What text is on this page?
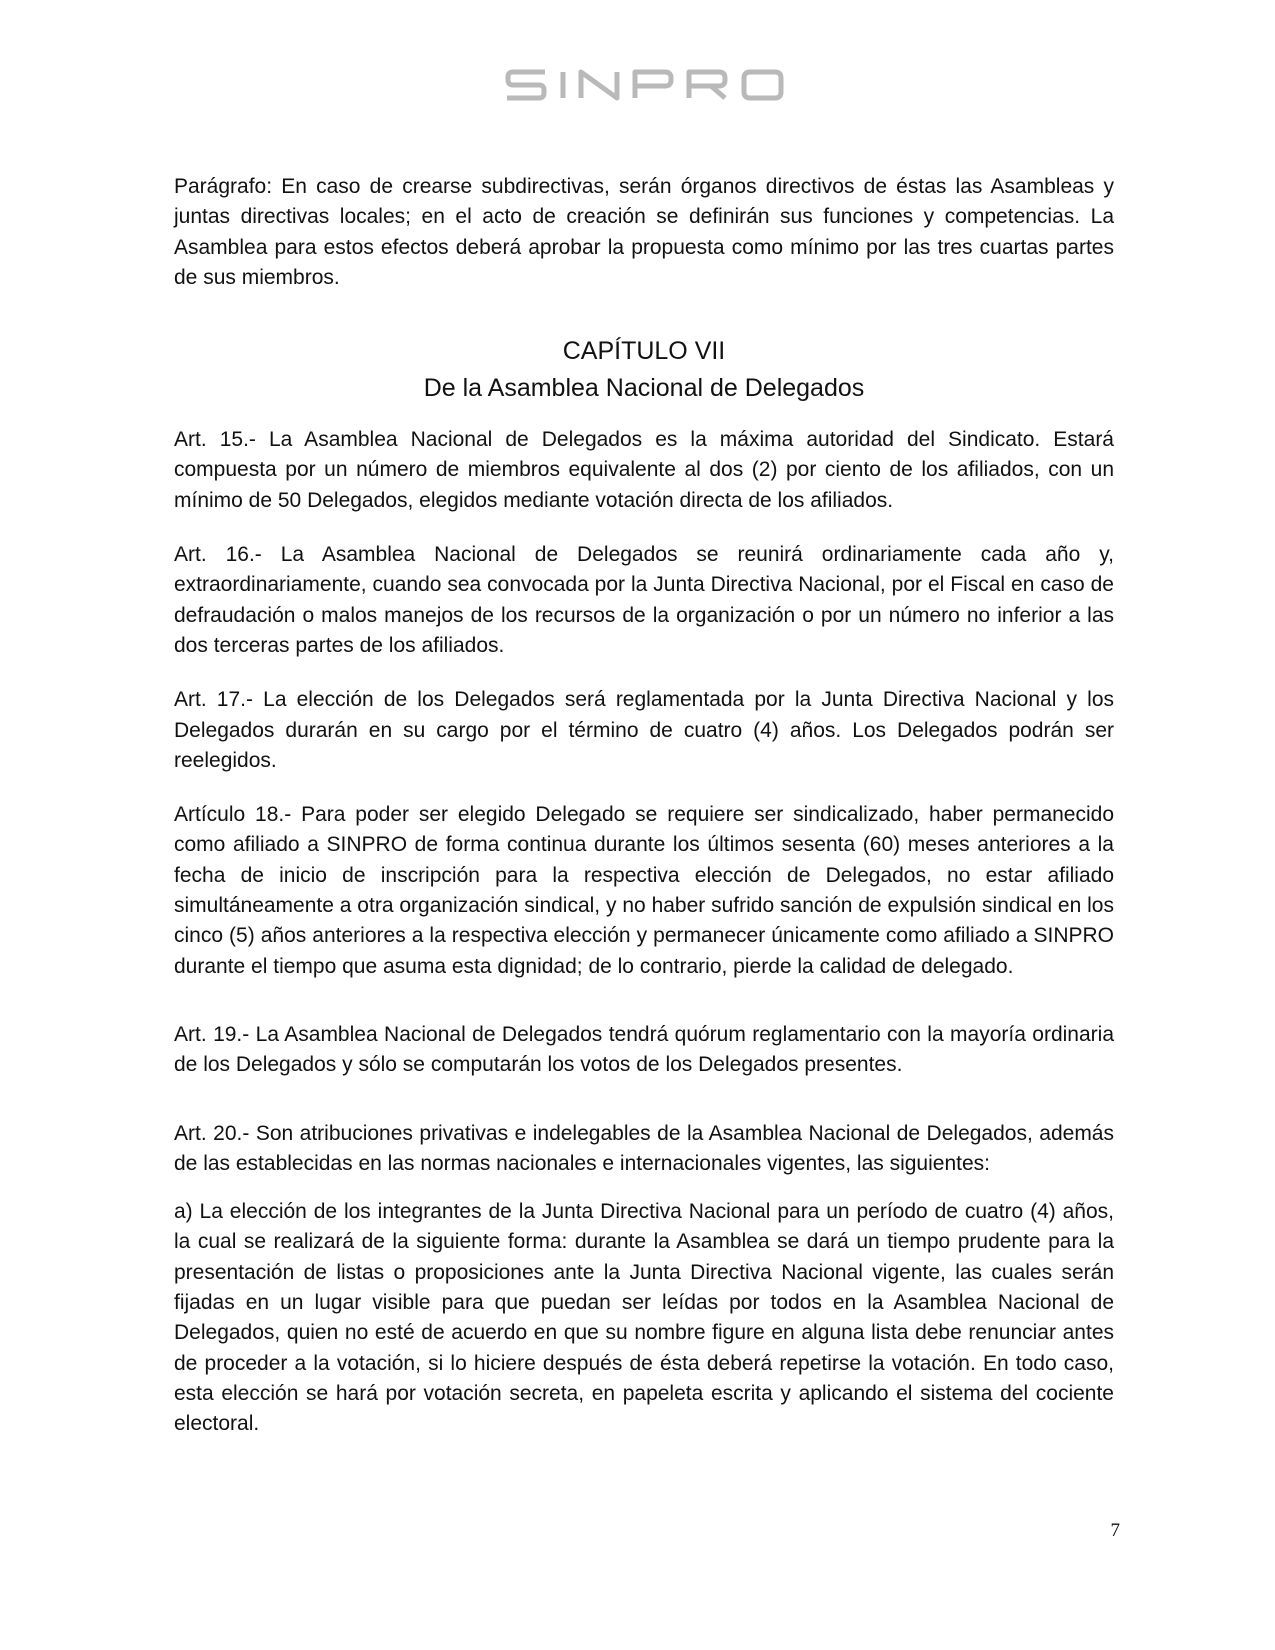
Parágrafo: En caso de crearse subdirectivas, serán órganos directivos de éstas las Asambleas y juntas directivas locales; en el acto de creación se definirán sus funciones y competencias. La Asamblea para estos efectos deberá aprobar la propuesta como mínimo por las tres cuartas partes de sus miembros.

CAPÍTULO VII
De la Asamblea Nacional de Delegados

Art. 15.- La Asamblea Nacional de Delegados es la máxima autoridad del Sindicato. Estará compuesta por un número de miembros equivalente al dos (2) por ciento de los afiliados, con un mínimo de 50 Delegados, elegidos mediante votación directa de los afiliados.

Art. 16.- La Asamblea Nacional de Delegados se reunirá ordinariamente cada año y, extraordinariamente, cuando sea convocada por la Junta Directiva Nacional, por el Fiscal en caso de defraudación o malos manejos de los recursos de la organización o por un número no inferior a las dos terceras partes de los afiliados.

Art. 17.- La elección de los Delegados será reglamentada por la Junta Directiva Nacional y los Delegados durarán en su cargo por el término de cuatro (4) años. Los Delegados podrán ser reelegidos.

Artículo 18.- Para poder ser elegido Delegado se requiere ser sindicalizado, haber permanecido como afiliado a SINPRO de forma continua durante los últimos sesenta (60) meses anteriores a la fecha de inicio de inscripción para la respectiva elección de Delegados, no estar afiliado simultáneamente a otra organización sindical, y no haber sufrido sanción de expulsión sindical en los cinco (5) años anteriores a la respectiva elección y permanecer únicamente como afiliado a SINPRO durante el tiempo que asuma esta dignidad; de lo contrario, pierde la calidad de delegado.

Art. 19.- La Asamblea Nacional de Delegados tendrá quórum reglamentario con la mayoría ordinaria de los Delegados y sólo se computarán los votos de los Delegados presentes.

Art. 20.- Son atribuciones privativas e indelegables de la Asamblea Nacional de Delegados, además de las establecidas en las normas nacionales e internacionales vigentes, las siguientes:

a) La elección de los integrantes de la Junta Directiva Nacional para un período de cuatro (4) años, la cual se realizará de la siguiente forma: durante la Asamblea se dará un tiempo prudente para la presentación de listas o proposiciones ante la Junta Directiva Nacional vigente, las cuales serán fijadas en un lugar visible para que puedan ser leídas por todos en la Asamblea Nacional de Delegados, quien no esté de acuerdo en que su nombre figure en alguna lista debe renunciar antes de proceder a la votación, si lo hiciere después de ésta deberá repetirse la votación. En todo caso, esta elección se hará por votación secreta, en papeleta escrita y aplicando el sistema del cociente electoral.

7
